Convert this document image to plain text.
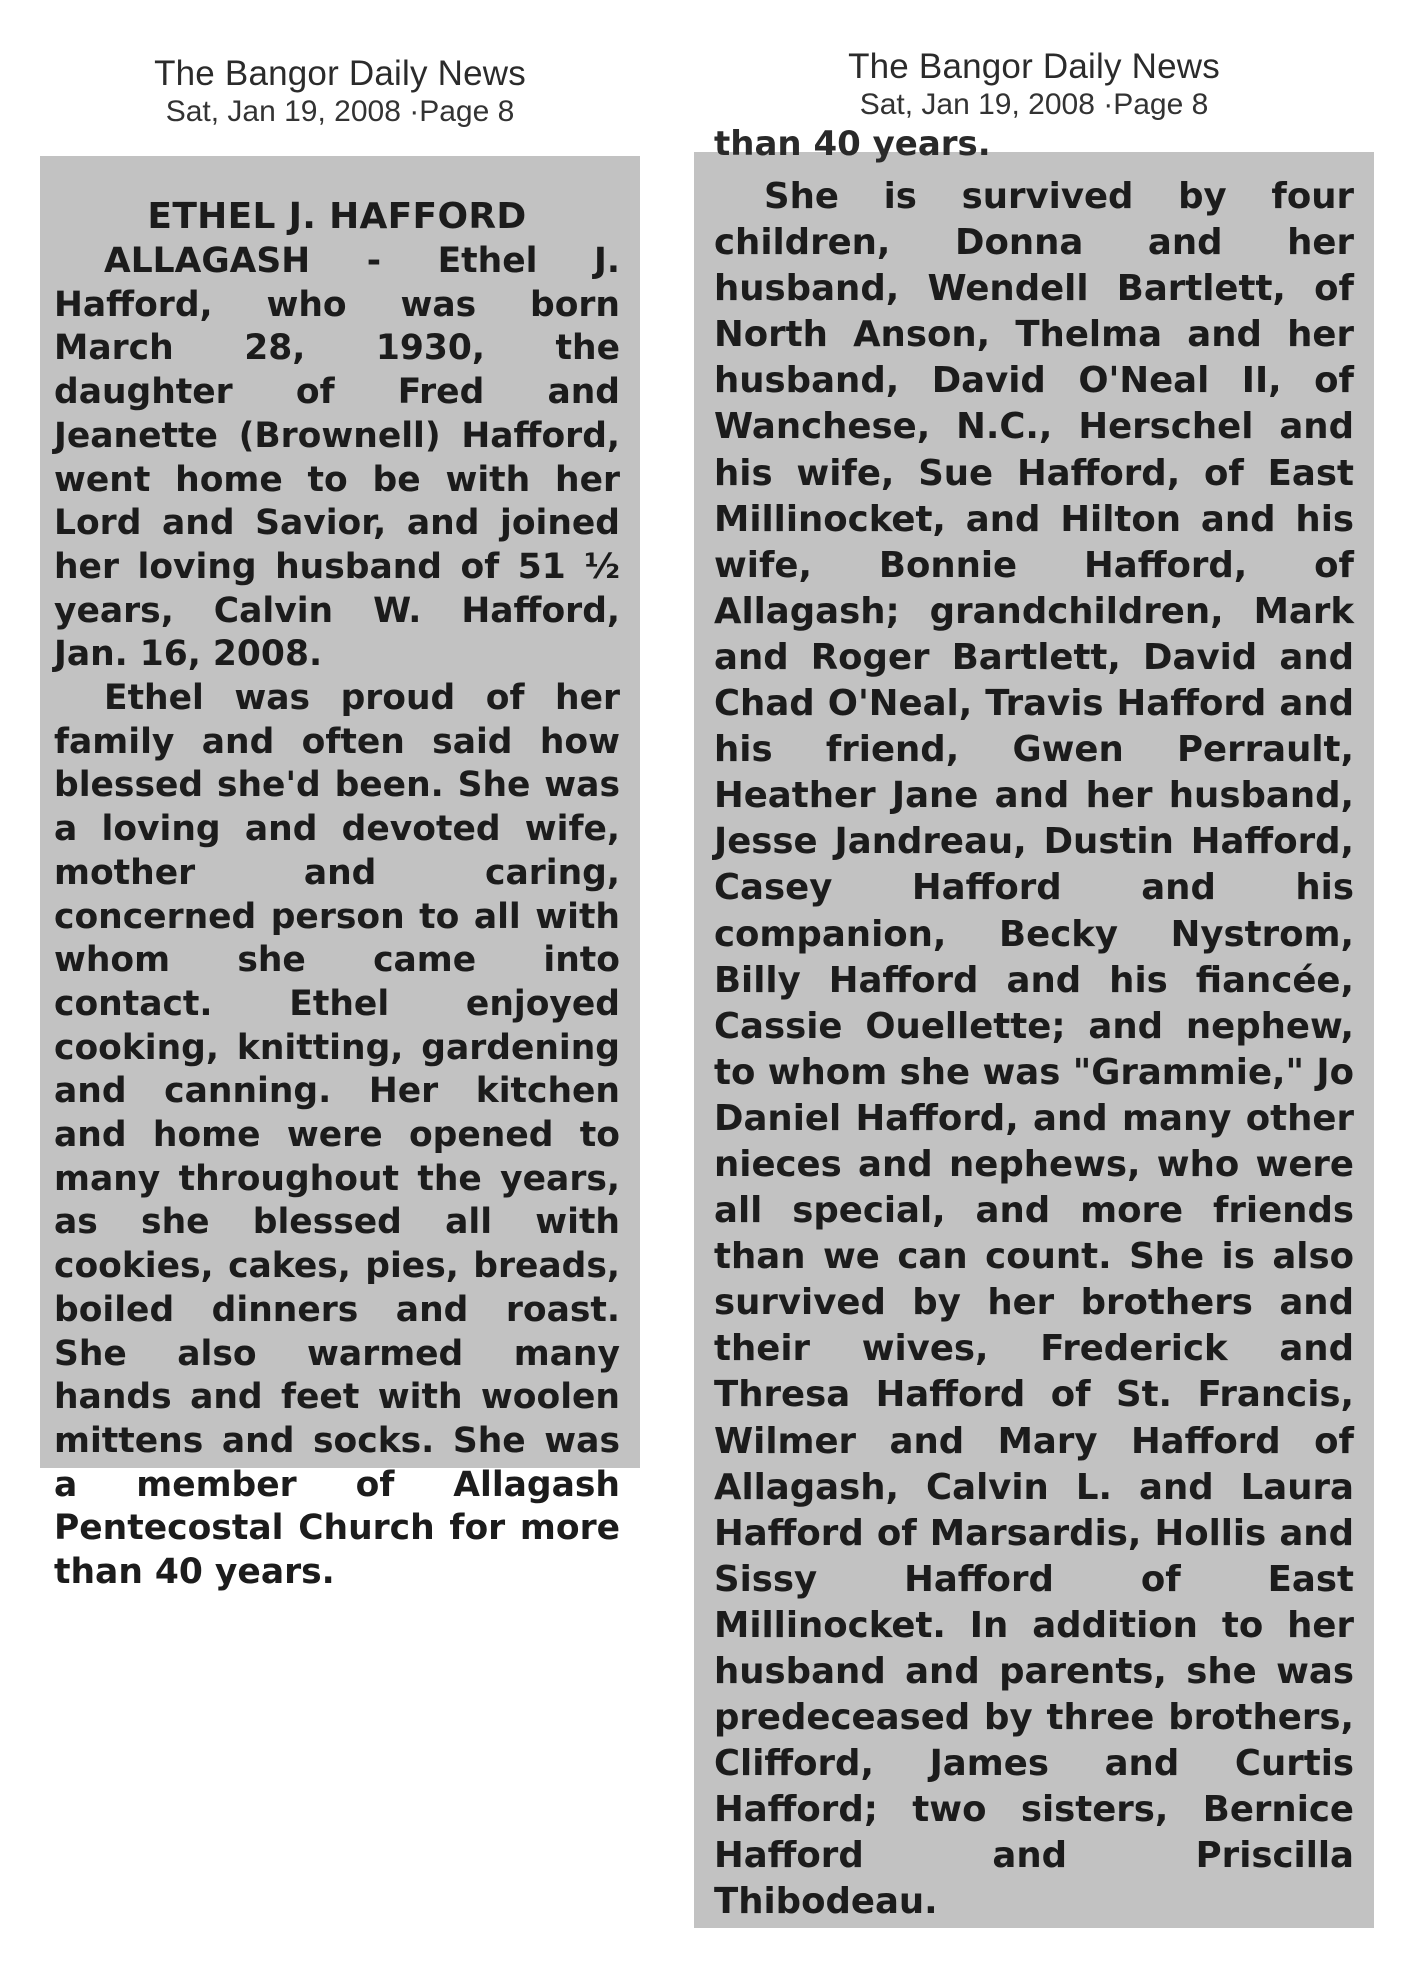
The Bangor Daily News
Sat, Jan 19, 2008 ·Page 8
ETHEL J. HAFFORD

ALLAGASH - Ethel J. Hafford, who was born March 28, 1930, the daughter of Fred and Jeanette (Brownell) Hafford, went home to be with her Lord and Savior, and joined her loving husband of 51 ½ years, Calvin W. Hafford, Jan. 16, 2008.

Ethel was proud of her family and often said how blessed she'd been. She was a loving and devoted wife, mother and caring, concerned person to all with whom she came into contact. Ethel enjoyed cooking, knitting, gardening and canning. Her kitchen and home were opened to many throughout the years, as she blessed all with cookies, cakes, pies, breads, boiled dinners and roast. She also warmed many hands and feet with woolen mittens and socks. She was a member of Allagash Pentecostal Church for more than 40 years.

The Bangor Daily News
Sat, Jan 19, 2008 ·Page 8
than 40 years.

She is survived by four children, Donna and her husband, Wendell Bartlett, of North Anson, Thelma and her husband, David O'Neal II, of Wanchese, N.C., Herschel and his wife, Sue Hafford, of East Millinocket, and Hilton and his wife, Bonnie Hafford, of Allagash; grandchildren, Mark and Roger Bartlett, David and Chad O'Neal, Travis Hafford and his friend, Gwen Perrault, Heather Jane and her husband, Jesse Jandreau, Dustin Hafford, Casey Hafford and his companion, Becky Nystrom, Billy Hafford and his fiancée, Cassie Ouellette; and nephew, to whom she was "Grammie," Jo Daniel Hafford, and many other nieces and nephews, who were all special, and more friends than we can count. She is also survived by her brothers and their wives, Frederick and Thresa Hafford of St. Francis, Wilmer and Mary Hafford of Allagash, Calvin L. and Laura Hafford of Marsardis, Hollis and Sissy Hafford of East Millinocket. In addition to her husband and parents, she was predeceased by three brothers, Clifford, James and Curtis Hafford; two sisters, Bernice Hafford and Priscilla Thibodeau.
